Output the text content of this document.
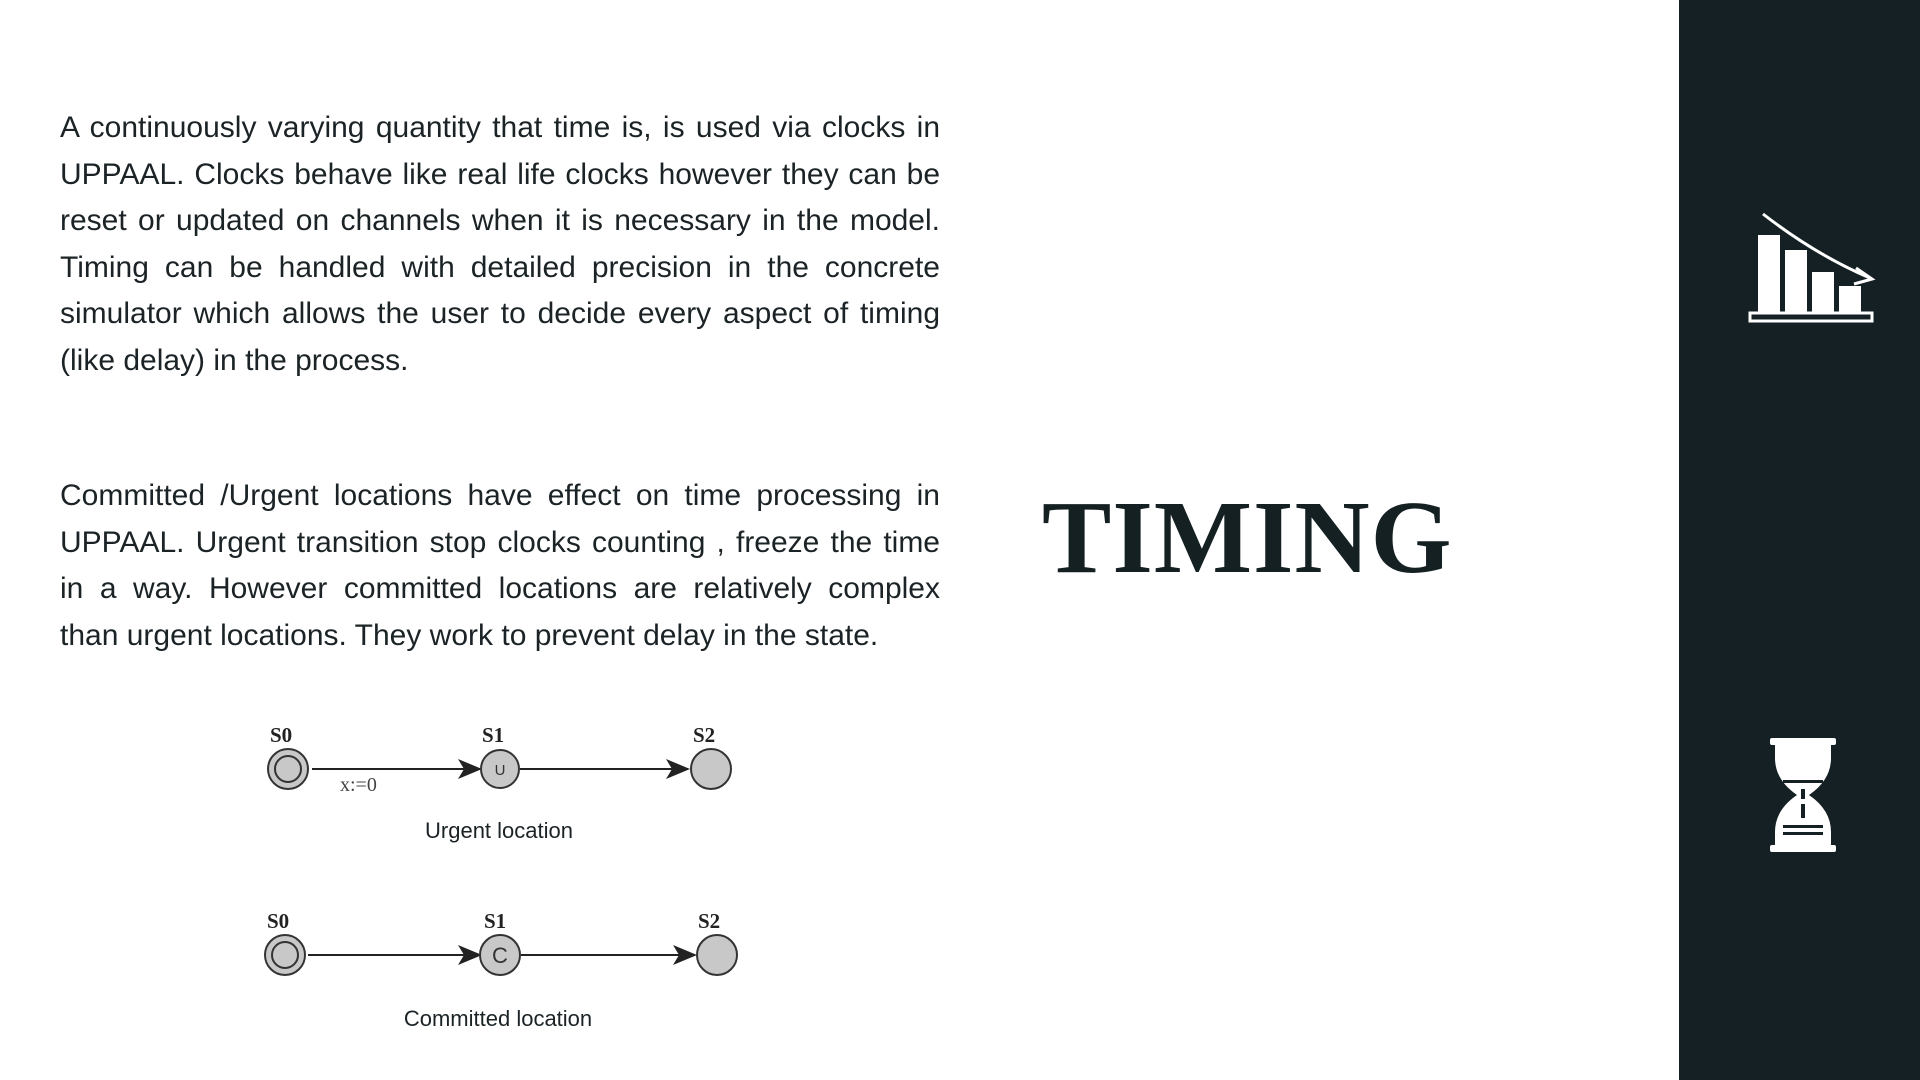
A continuously varying quantity that time is, is used via clocks in UPPAAL. Clocks behave like real life clocks however they can be reset or updated on channels when it is necessary in the model. Timing can be handled with detailed precision in the concrete simulator which allows the user to decide every aspect of timing (like delay) in the process.

Committed /Urgent locations have effect on time processing in UPPAAL. Urgent transition stop clocks counting , freeze the time in a way. However committed locations are relatively complex than urgent locations. They work to prevent delay in the state.

TIMING
S0	S1	S2
U
x:=0
Urgent location
S0	S1	S2
C
Committed location
